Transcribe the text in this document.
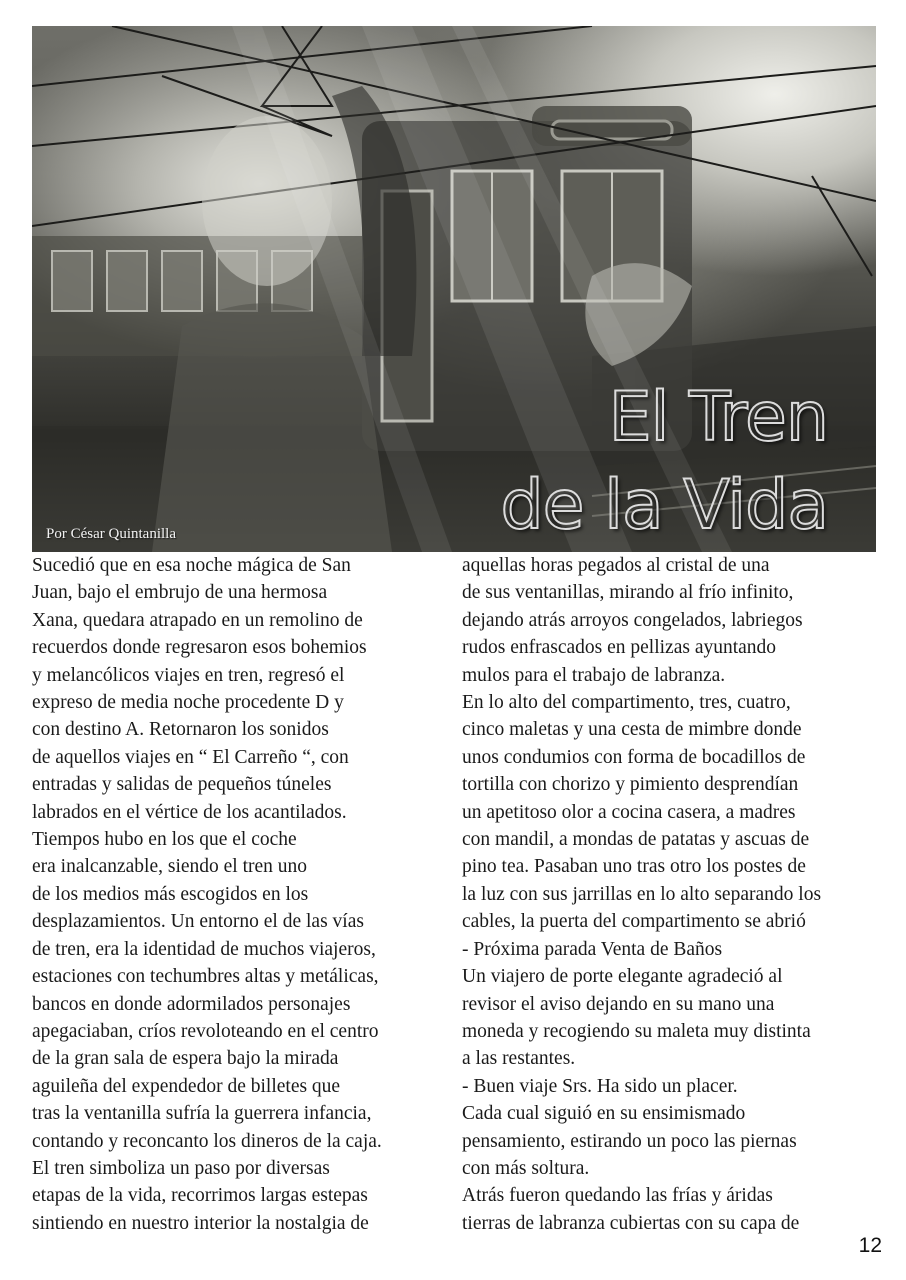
El Tren
de la Vida
Por César Quintanilla
Sucedió que en esa noche mágica de San
Juan, bajo el embrujo de una hermosa
Xana, quedara atrapado en un remolino de
recuerdos donde regresaron esos bohemios
y melancólicos viajes en tren, regresó el
expreso de media noche procedente D y
con destino A. Retornaron los sonidos
de aquellos viajes en “ El Carreño “, con
entradas y salidas de pequeños túneles
labrados en el vértice de los acantilados.
Tiempos hubo en los que el coche
era inalcanzable, siendo el tren uno
de los medios más escogidos en los
desplazamientos. Un entorno el de las vías
de tren, era la identidad de muchos viajeros,
estaciones con techumbres altas y metálicas,
bancos en donde adormilados personajes
apegaciaban, críos revoloteando en el centro
de la gran sala de espera bajo la mirada
aguileña del expendedor de billetes que
tras la ventanilla sufría la guerrera infancia,
contando y reconcanto los dineros de la caja.
El tren simboliza un paso por diversas
etapas de la vida, recorrimos largas estepas
sintiendo en nuestro interior la nostalgia de
aquellas horas pegados al cristal de una
de sus ventanillas, mirando al frío infinito,
dejando atrás arroyos congelados, labriegos
rudos enfrascados en pellizas ayuntando
mulos para el trabajo de labranza.
En lo alto del compartimento, tres, cuatro,
cinco maletas y una cesta de mimbre donde
unos condumios con forma de bocadillos de
tortilla con chorizo y pimiento desprendían
un apetitoso olor a cocina casera, a madres
con mandil, a mondas de patatas y ascuas de
pino tea. Pasaban uno tras otro los postes de
la luz con sus jarrillas en lo alto separando los
cables, la puerta del compartimento se abrió
- Próxima parada Venta de Baños
Un viajero de porte elegante agradeció al
revisor el aviso dejando en su mano una
moneda y recogiendo su maleta muy distinta
a las restantes.
- Buen viaje Srs. Ha sido un placer.
Cada cual siguió en su ensimismado
pensamiento, estirando un poco las piernas
con más soltura.
Atrás fueron quedando las frías y áridas
tierras de labranza cubiertas con su capa de
12
